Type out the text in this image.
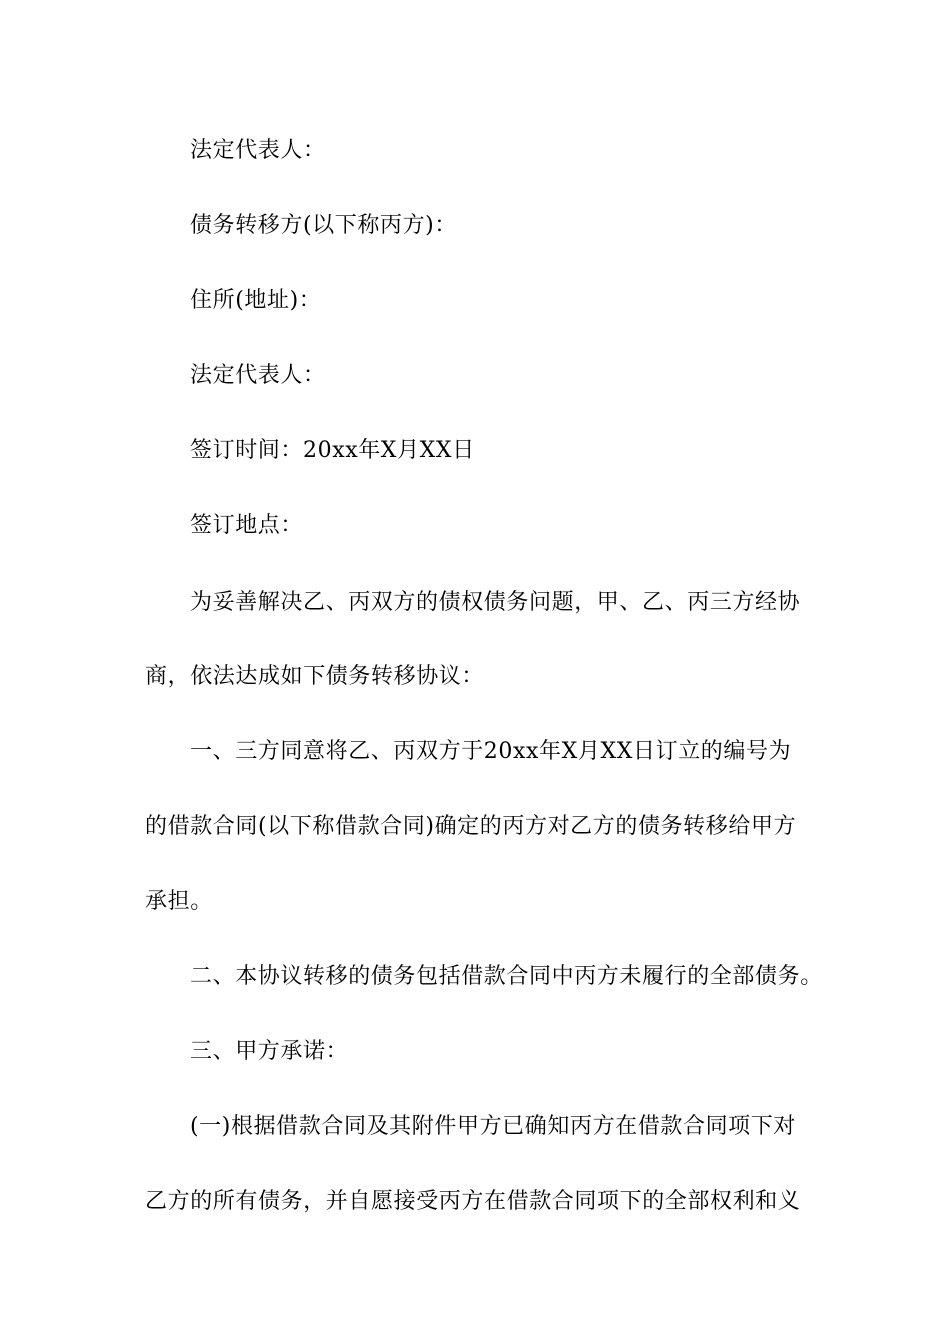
法定代表人：
债务转移方(以下称丙方)：
住所(地址)：
法定代表人：
签订时间：20xx年X月XX日
签订地点：
为妥善解决乙、丙双方的债权债务问题，甲、乙、丙三方经协
商，依法达成如下债务转移协议：
一、三方同意将乙、丙双方于20xx年X月XX日订立的编号为
的借款合同(以下称借款合同)确定的丙方对乙方的债务转移给甲方
承担。
二、本协议转移的债务包括借款合同中丙方未履行的全部债务。
三、甲方承诺：
(一)根据借款合同及其附件甲方已确知丙方在借款合同项下对
乙方的所有债务，并自愿接受丙方在借款合同项下的全部权利和义
